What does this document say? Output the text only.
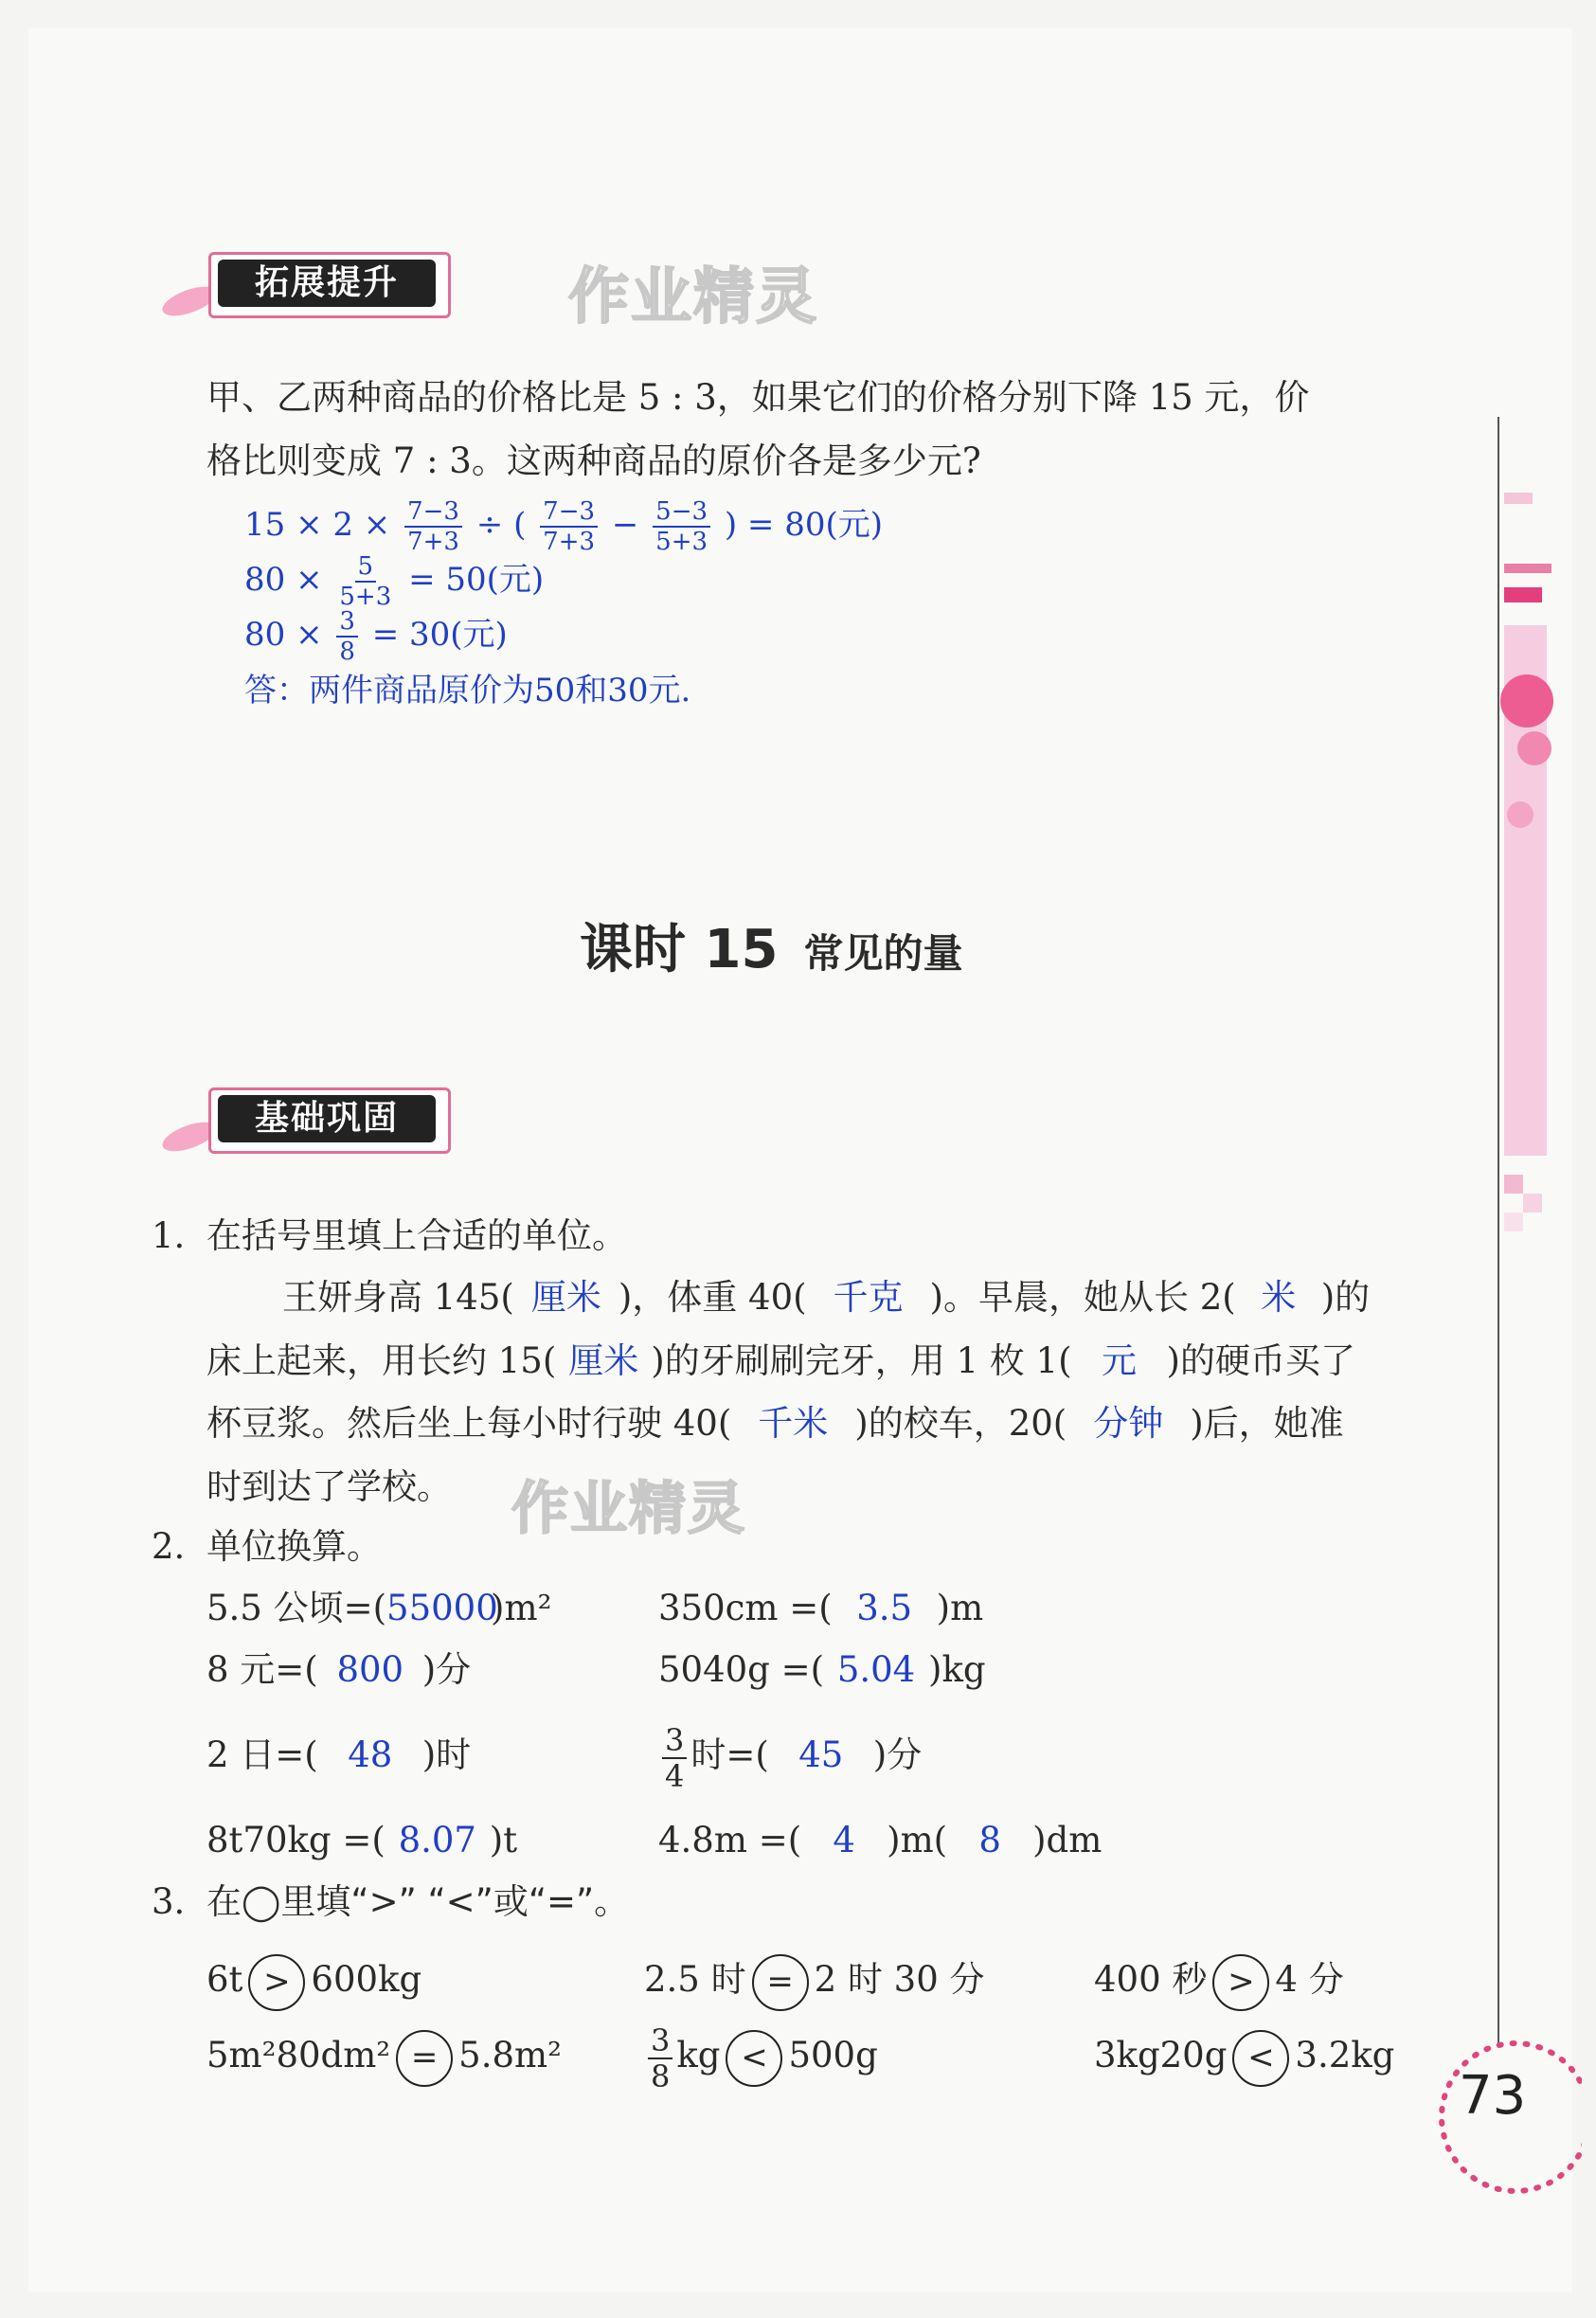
73
拓展提升	作业精灵
甲、乙两种商品的价格比是 5 : 3，如果它们的价格分别下降 15 元，价
格比则变成 7 : 3。这两种商品的原价各是多少元?
$15 \times 2 \times \frac{7-3}{7+3}$ ÷ ( $\frac{7-3}{7+3} - \frac{5-3}{5+3}$ ) = 80(元)
$80 \times \frac{5}{5+3} = 50$(元)
$80 \times \frac{3}{8} = 30$(元)
答：两件商品原价为50和30元.
课时 15 常见的量
基础巩固
1. 在括号里填上合适的单位。
王妍身高 145( 厘米 )，体重 40( 千克 )。早晨，她从长 2( 米 )的
床上起来，用长约 15( 厘米 )的牙刷刷完牙，用 1 枚 1( 元 )的硬币买了
杯豆浆。然后坐上每小时行驶 40( 千米 )的校车，20( 分钟 )后，她准
时到达了学校。 作业精灵
2. 单位换算。
5.5 公顷=(55000)m²	350cm =( 3.5 )m
8 元=( 800 )分	5040g =( 5.04 )kg
2 日=( 48 )时	$\frac{3}{4}$ 时=( 45 )分
8t70kg =( 8.07 )t	4.8m =( 4 )m( 8 )dm
3. 在◯里填“>” “<”或“=”。
6t > 600kg	2.5 时 = 2 时 30 分	400 秒 > 4 分
5m²80dm² = 5.8m²	$\frac{3}{8}$ kg < 500g	3kg20g < 3.2kg
